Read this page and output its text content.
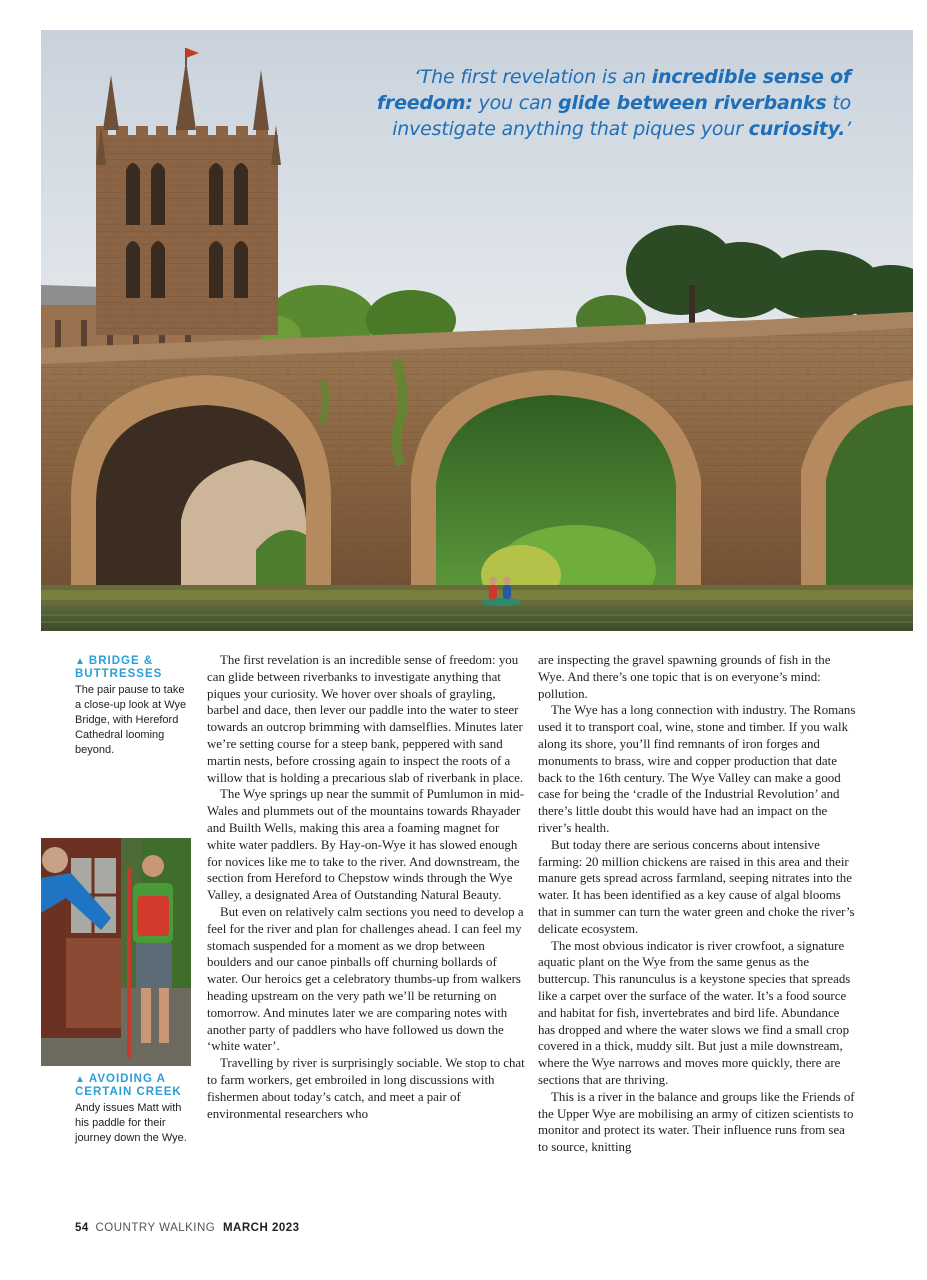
‘The first revelation is an incredible sense of freedom: you can glide between riverbanks to investigate anything that piques your curiosity.’
▲ BRIDGE & BUTTRESSES
The pair pause to take a close-up look at Wye Bridge, with Hereford Cathedral looming beyond.
▲ AVOIDING A CERTAIN CREEK
Andy issues Matt with his paddle for their journey down the Wye.

The first revelation is an incredible sense of freedom: you can glide between riverbanks to investigate anything that piques your curiosity. We hover over shoals of grayling, barbel and dace, then lever our paddle into the water to steer towards an outcrop brimming with damselflies. Minutes later we’re setting course for a steep bank, peppered with sand martin nests, before crossing again to inspect the roots of a willow that is holding a precarious slab of riverbank in place.

The Wye springs up near the summit of Pumlumon in mid-Wales and plummets out of the mountains towards Rhayader and Builth Wells, making this area a foaming magnet for white water paddlers. By Hay-on-Wye it has slowed enough for novices like me to take to the river. And downstream, the section from Hereford to Chepstow winds through the Wye Valley, a designated Area of Outstanding Natural Beauty.

But even on relatively calm sections you need to develop a feel for the river and plan for challenges ahead. I can feel my stomach suspended for a moment as we drop between boulders and our canoe pinballs off churning bollards of water. Our heroics get a celebratory thumbs-up from walkers heading upstream on the very path we’ll be returning on tomorrow. And minutes later we are comparing notes with another party of paddlers who have followed us down the ‘white water’.

Travelling by river is surprisingly sociable. We stop to chat to farm workers, get embroiled in long discussions with fishermen about today’s catch, and meet a pair of environmental researchers who

are inspecting the gravel spawning grounds of fish in the Wye. And there’s one topic that is on everyone’s mind: pollution.

The Wye has a long connection with industry. The Romans used it to transport coal, wine, stone and timber. If you walk along its shore, you’ll find remnants of iron forges and monuments to brass, wire and copper production that date back to the 16th century. The Wye Valley can make a good case for being the ‘cradle of the Industrial Revolution’ and there’s little doubt this would have had an impact on the river’s health.

But today there are serious concerns about intensive farming: 20 million chickens are raised in this area and their manure gets spread across farmland, seeping nitrates into the water. It has been identified as a key cause of algal blooms that in summer can turn the water green and choke the river’s delicate ecosystem.

The most obvious indicator is river crowfoot, a signature aquatic plant on the Wye from the same genus as the buttercup. This ranunculus is a keystone species that spreads like a carpet over the surface of the water. It’s a food source and habitat for fish, invertebrates and bird life. Abundance has dropped and where the water slows we find a small crop covered in a thick, muddy silt. But just a mile downstream, where the Wye narrows and moves more quickly, there are sections that are thriving.

This is a river in the balance and groups like the Friends of the Upper Wye are mobilising an army of citizen scientists to monitor and protect its water. Their influence runs from sea to source, knitting

54 COUNTRY WALKING MARCH 2023
